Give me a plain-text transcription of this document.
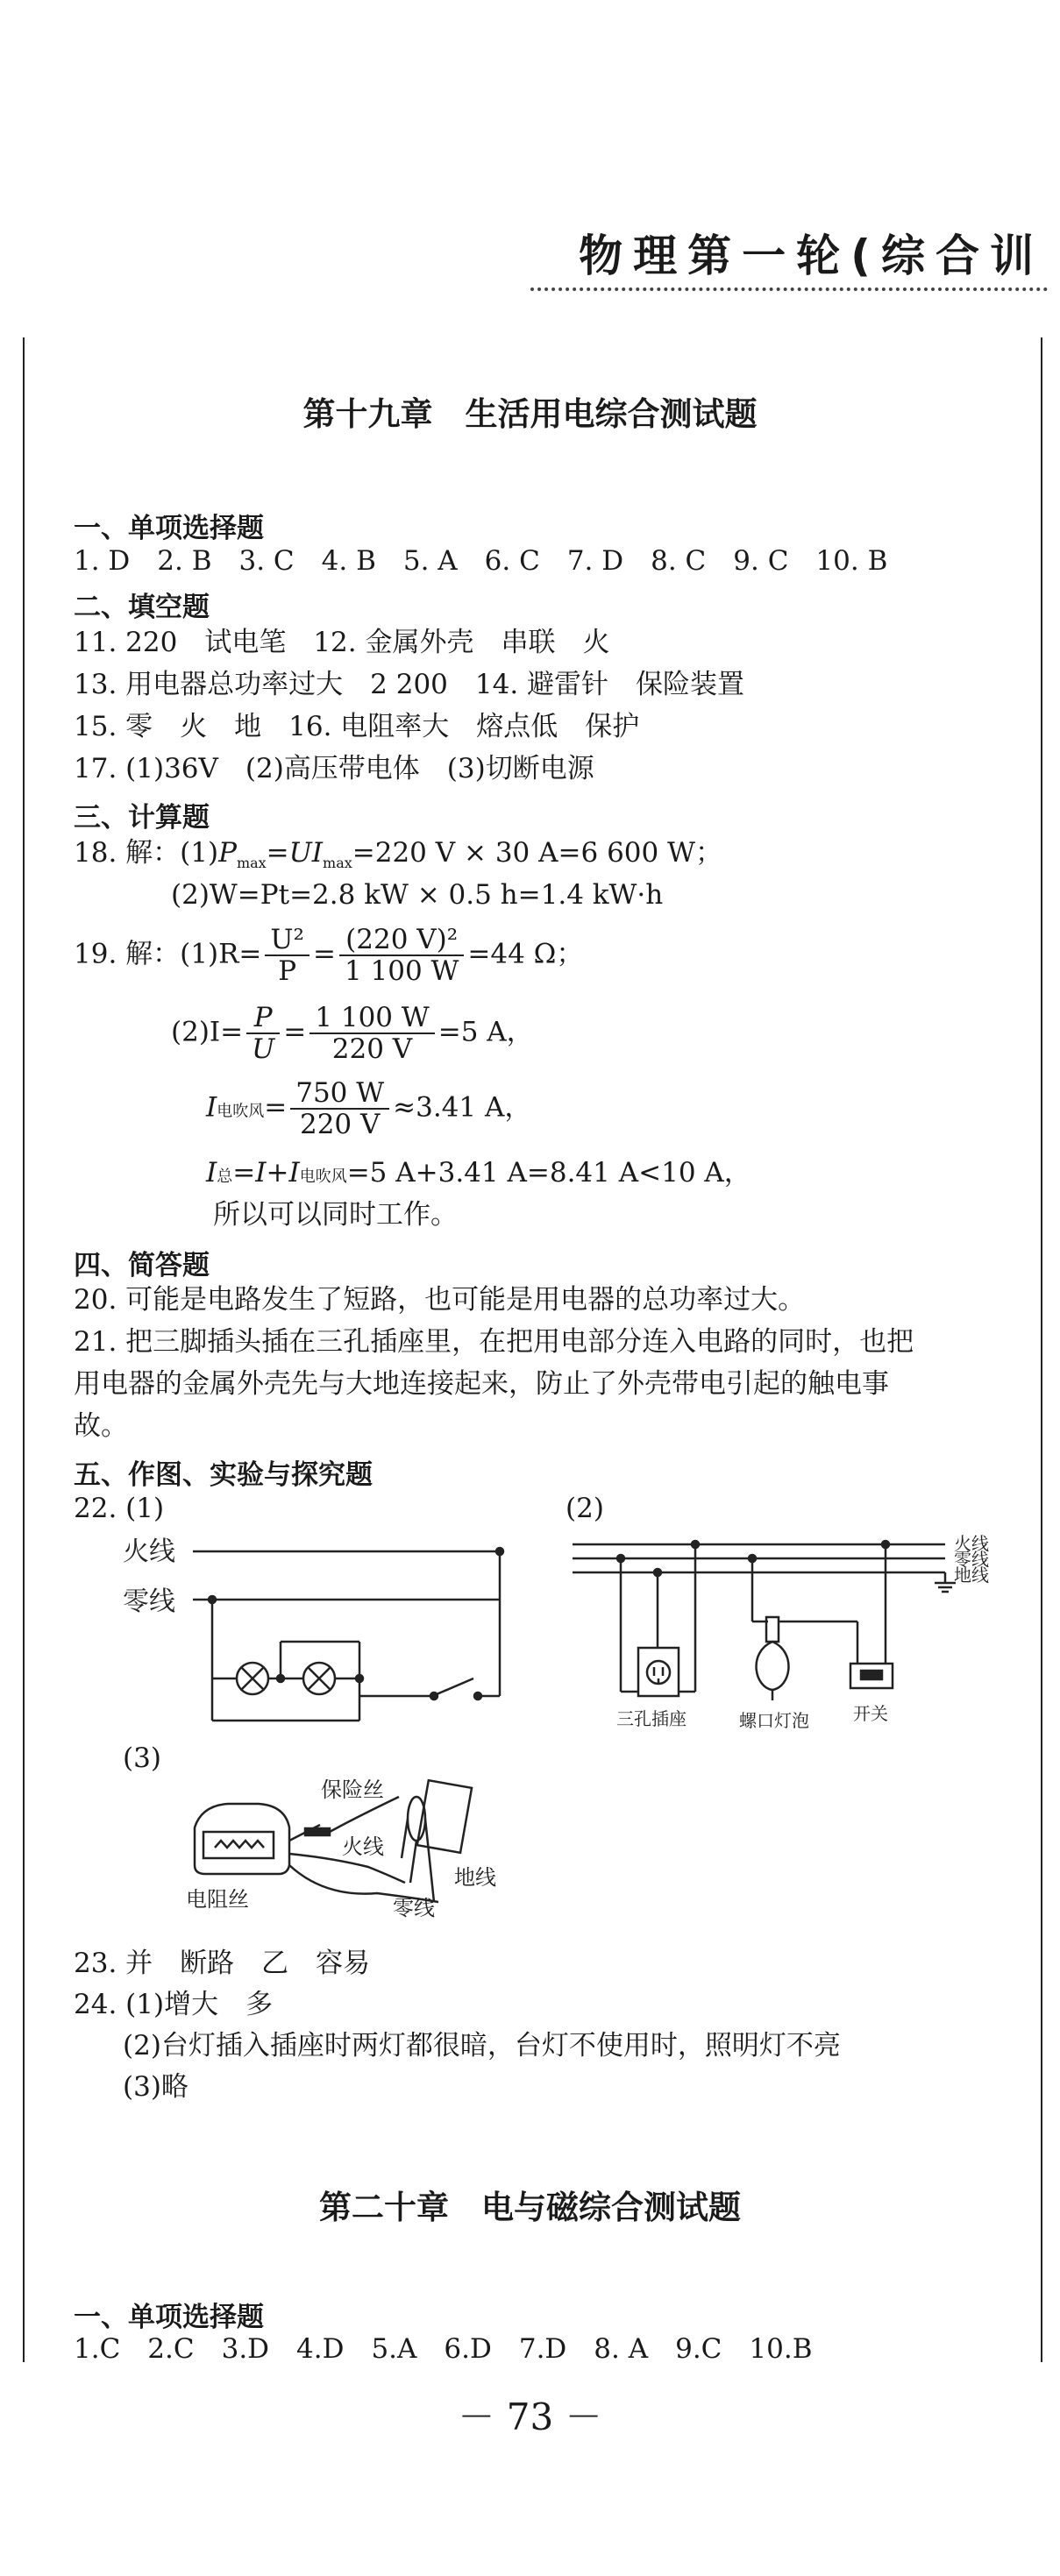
物理第一轮(综合训
第十九章　生活用电综合测试题
一、单项选择题
1. D　2. B　3. C　4. B　5. A　6. C　7. D　8. C　9. C　10. B
二、填空题
11. 220　试电笔　12. 金属外壳　串联　火
13. 用电器总功率过大　2 200　14. 避雷针　保险装置
15. 零　火　地　16. 电阻率大　熔点低　保护
17. (1)36V　(2)高压带电体　(3)切断电源
三、计算题
18. 解：$(1)P_{max}=UI_{max}=220$ V × 30 A=6 600 W；
(2)W=Pt=2.8 kW × 0.5 h=1.4 kW·h
19. 解：$(1)R= \frac{\text{U²}}{P} = \frac{\text{(220 V)²}}{1 100 W} =44$ Ω；
$(2)I= \frac{P}{U} = \frac{1 100 W}{220 V} =5$ A，
I电吹风= $\frac{750 W}{220 V} \approx 3.41$ A，
I总=I+I电吹风=5 A+3.41 A=8.41 A<10 A，
所以可以同时工作。
四、简答题
20. 可能是电路发生了短路，也可能是用电器的总功率过大。
21. 把三脚插头插在三孔插座里，在把用电部分连入电路的同时，也把
用电器的金属外壳先与大地连接起来，防止了外壳带电引起的触电事
故。
五、作图、实验与探究题
22. (1)	(2)
火线
零线
火线
零线
地线
三孔插座	螺口灯泡	开关
(3)
保险丝
火线
地线
零线
电阻丝
23. 并　断路　乙　容易
24. (1)增大　多
(2)台灯插入插座时两灯都很暗，台灯不使用时，照明灯不亮
(3)略
第二十章　电与磁综合测试题
一、单项选择题
1.C　2.C　3.D　4.D　5.A　6.D　7.D　8. A　9.C　10.B
－ 73 －
